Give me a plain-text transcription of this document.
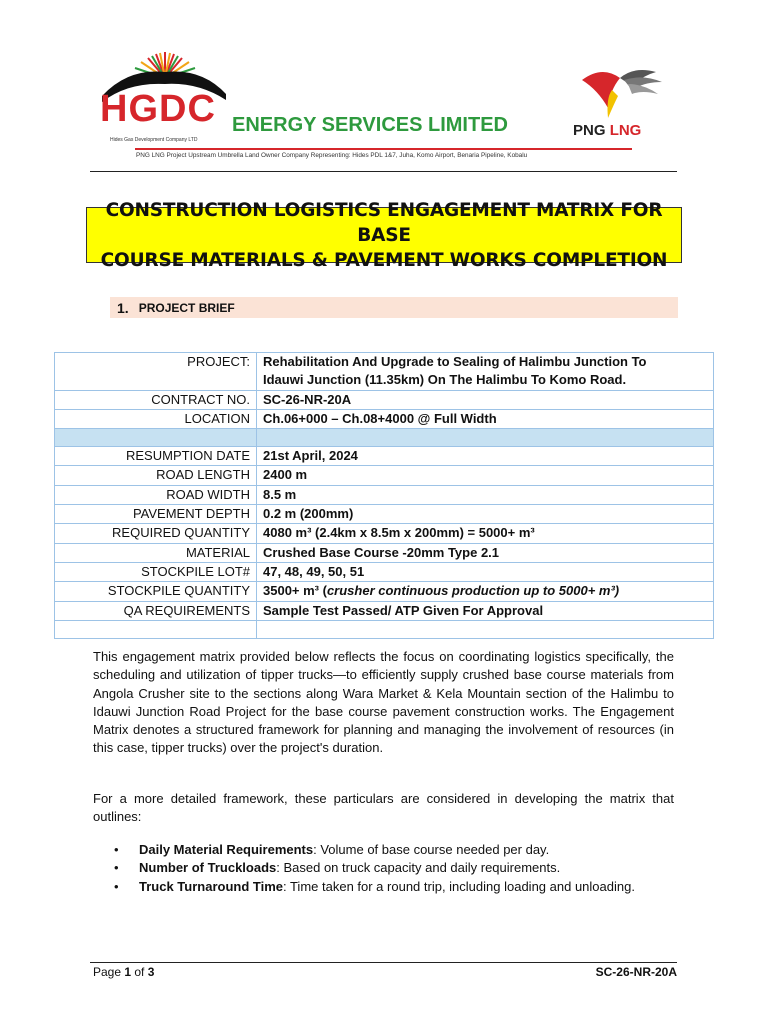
HGDC
Hides Gas Development Company LTD
ENERGY SERVICES LIMITED	PNG LNG
PNG LNG Project Upstream Umbrella Land Owner Company Representing: Hides PDL 1&7, Juha, Komo Airport, Benaria Pipeline, Kobalu
CONSTRUCTION LOGISTICS ENGAGEMENT MATRIX FOR BASE
COURSE MATERIALS & PAVEMENT WORKS COMPLETION
1. PROJECT BRIEF
PROJECT:	Rehabilitation And Upgrade to Sealing of Halimbu Junction To
Idauwi Junction (11.35km) On The Halimbu To Komo Road.

CONTRACT NO.	SC-26-NR-20A
LOCATION	Ch.06+000 – Ch.08+4000 @ Full Width

RESUMPTION DATE	21st April, 2024
ROAD LENGTH	2400 m
ROAD WIDTH	8.5 m
PAVEMENT DEPTH	0.2 m (200mm)
REQUIRED QUANTITY	4080 m³ (2.4km x 8.5m x 200mm) = 5000+ m³
MATERIAL	Crushed Base Course -20mm Type 2.1
STOCKPILE LOT#	47, 48, 49, 50, 51
STOCKPILE QUANTITY	3500+ m³ (crusher continuous production up to 5000+ m³)
QA REQUIREMENTS	Sample Test Passed/ ATP Given For Approval

This engagement matrix provided below reflects the focus on coordinating logistics specifically, the scheduling and utilization of tipper trucks—to efficiently supply crushed base course materials from Angola Crusher site to the sections along Wara Market & Kela Mountain section of the Halimbu to Idauwi Junction Road Project for the base course pavement construction works. The Engagement Matrix denotes a structured framework for planning and managing the involvement of resources (in this case, tipper trucks) over the project's duration.

For a more detailed framework, these particulars are considered in developing the matrix that outlines:

• Daily Material Requirements: Volume of base course needed per day.
• Number of Truckloads: Based on truck capacity and daily requirements.
• Truck Turnaround Time: Time taken for a round trip, including loading and unloading.
Page 1 of 3	SC-26-NR-20A
